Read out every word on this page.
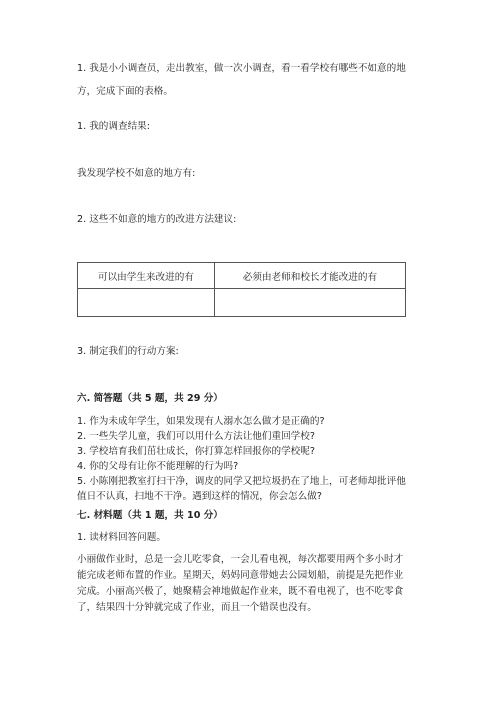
1. 我是小小调查员，走出教室，做一次小调查，看一看学校有哪些不如意的地
方，完成下面的表格。
1. 我的调查结果:
我发现学校不如意的地方有:
2. 这些不如意的地方的改进方法建议:
可以由学生来改进的有	必须由老师和校长才能改进的有

3. 制定我们的行动方案:
六. 简答题（共 5 题，共 29 分）
1. 作为未成年学生，如果发现有人溺水怎么做才是正确的?
2. 一些失学儿童，我们可以用什么方法让他们重回学校?
3. 学校培育我们茁壮成长，你打算怎样回报你的学校呢?
4. 你的父母有让你不能理解的行为吗?
5. 小陈刚把教室打扫干净，调皮的同学又把垃圾扔在了地上，可老师却批评他
值日不认真，扫地不干净。遇到这样的情况，你会怎么做?
七. 材料题（共 1 题，共 10 分）
1. 读材料回答问题。
小丽做作业时，总是一会儿吃零食，一会儿看电视，每次都要用两个多小时才
能完成老师布置的作业。星期天，妈妈同意带她去公园划船，前提是先把作业
完成。小丽高兴极了，她聚精会神地做起作业来，既不看电视了，也不吃零食
了，结果四十分钟就完成了作业，而且一个错误也没有。
